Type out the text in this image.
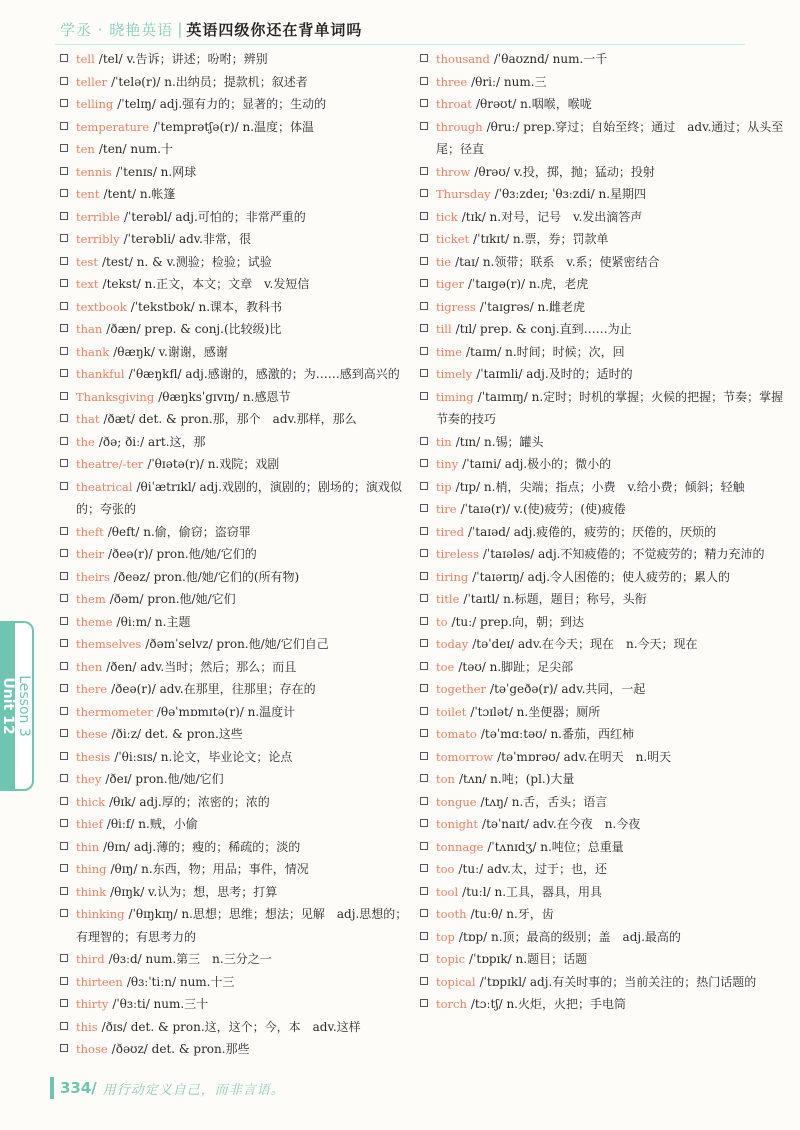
学丞 · 晓艳英语 | 英语四级你还在背单词吗
tell /tel/ v.告诉；讲述；吩咐；辨别
teller /ˈtelə(r)/ n.出纳员；提款机；叙述者
telling /ˈtelɪŋ/ adj.强有力的；显著的；生动的
temperature /ˈtemprətʃə(r)/ n.温度；体温
ten /ten/ num.十
tennis /ˈtenɪs/ n.网球
tent /tent/ n.帐篷
terrible /ˈterəbl/ adj.可怕的；非常严重的
terribly /ˈterəbli/ adv.非常，很
test /test/ n. & v.测验；检验；试验
text /tekst/ n.正文，本文；文章　v.发短信
textbook /ˈtekstbʊk/ n.课本，教科书
than /ðæn/ prep. & conj.(比较级)比
thank /θæŋk/ v.谢谢，感谢
thankful /ˈθæŋkfl/ adj.感谢的，感激的；为……感到高兴的
Thanksgiving /θæŋksˈgɪvɪŋ/ n.感恩节
that /ðæt/ det. & pron.那，那个　adv.那样，那么
the /ðə; ðiː/ art.这，那
theatre/-ter /ˈθɪətə(r)/ n.戏院；戏剧
theatrical /θiˈætrɪkl/ adj.戏剧的，演剧的；剧场的；演戏似的；夸张的
theft /θeft/ n.偷，偷窃；盗窃罪
their /ðeə(r)/ pron.他/她/它们的
theirs /ðeəz/ pron.他/她/它们的(所有物)
them /ðəm/ pron.他/她/它们
theme /θiːm/ n.主题
themselves /ðəmˈselvz/ pron.他/她/它们自己
then /ðen/ adv.当时；然后；那么；而且
there /ðeə(r)/ adv.在那里，往那里；存在的
thermometer /θəˈmɒmɪtə(r)/ n.温度计
these /ðiːz/ det. & pron.这些
thesis /ˈθiːsɪs/ n.论文，毕业论文；论点
they /ðeɪ/ pron.他/她/它们
thick /θɪk/ adj.厚的；浓密的；浓的
thief /θiːf/ n.贼，小偷
thin /θɪn/ adj.薄的；瘦的；稀疏的；淡的
thing /θɪŋ/ n.东西，物；用品；事件，情况
think /θɪŋk/ v.认为；想，思考；打算
thinking /ˈθɪŋkɪŋ/ n.思想；思维；想法；见解　adj.思想的；有理智的；有思考力的
third /θɜːd/ num.第三　n.三分之一
thirteen /θɜːˈtiːn/ num.十三
thirty /ˈθɜːti/ num.三十
this /ðɪs/ det. & pron.这，这个；今，本　adv.这样
those /ðəʊz/ det. & pron.那些
thousand /ˈθaʊznd/ num.一千
three /θriː/ num.三
throat /θrəʊt/ n.咽喉，喉咙
through /θruː/ prep.穿过；自始至终；通过　adv.通过；从头至尾；径直
throw /θrəʊ/ v.投，掷，抛；猛动；投射
Thursday /ˈθɜːzdeɪ; ˈθɜːzdi/ n.星期四
tick /tɪk/ n.对号，记号　v.发出滴答声
ticket /ˈtɪkɪt/ n.票，券；罚款单
tie /taɪ/ n.领带；联系　v.系；使紧密结合
tiger /ˈtaɪgə(r)/ n.虎，老虎
tigress /ˈtaɪgrəs/ n.雌老虎
till /tɪl/ prep. & conj.直到……为止
time /taɪm/ n.时间；时候；次，回
timely /ˈtaɪmli/ adj.及时的；适时的
timing /ˈtaɪmɪŋ/ n.定时；时机的掌握；火候的把握；节奏；掌握节奏的技巧
tin /tɪn/ n.锡；罐头
tiny /ˈtaɪni/ adj.极小的；微小的
tip /tɪp/ n.梢，尖端；指点；小费　v.给小费；倾斜；轻触
tire /ˈtaɪə(r)/ v.(使)疲劳；(使)疲倦
tired /ˈtaɪəd/ adj.疲倦的，疲劳的；厌倦的，厌烦的
tireless /ˈtaɪələs/ adj.不知疲倦的；不觉疲劳的；精力充沛的
tiring /ˈtaɪərɪŋ/ adj.令人困倦的；使人疲劳的；累人的
title /ˈtaɪtl/ n.标题，题目；称号，头衔
to /tuː/ prep.向，朝；到达
today /təˈdeɪ/ adv.在今天；现在　n.今天；现在
toe /təʊ/ n.脚趾；足尖部
together /təˈgeðə(r)/ adv.共同，一起
toilet /ˈtɔɪlət/ n.坐便器；厕所
tomato /təˈmɑːtəʊ/ n.番茄，西红柿
tomorrow /təˈmɒrəʊ/ adv.在明天　n.明天
ton /tʌn/ n.吨；(pl.)大量
tongue /tʌŋ/ n.舌，舌头；语言
tonight /təˈnaɪt/ adv.在今夜　n.今夜
tonnage /ˈtʌnɪdʒ/ n.吨位；总重量
too /tuː/ adv.太，过于；也，还
tool /tuːl/ n.工具，器具，用具
tooth /tuːθ/ n.牙，齿
top /tɒp/ n.顶；最高的级别；盖　adj.最高的
topic /ˈtɒpɪk/ n.题目；话题
topical /ˈtɒpɪkl/ adj.有关时事的；当前关注的；热门话题的
torch /tɔːtʃ/ n.火炬，火把；手电筒
Unit 12 Lesson 3
334/ 用行动定义自己，而非言语。
